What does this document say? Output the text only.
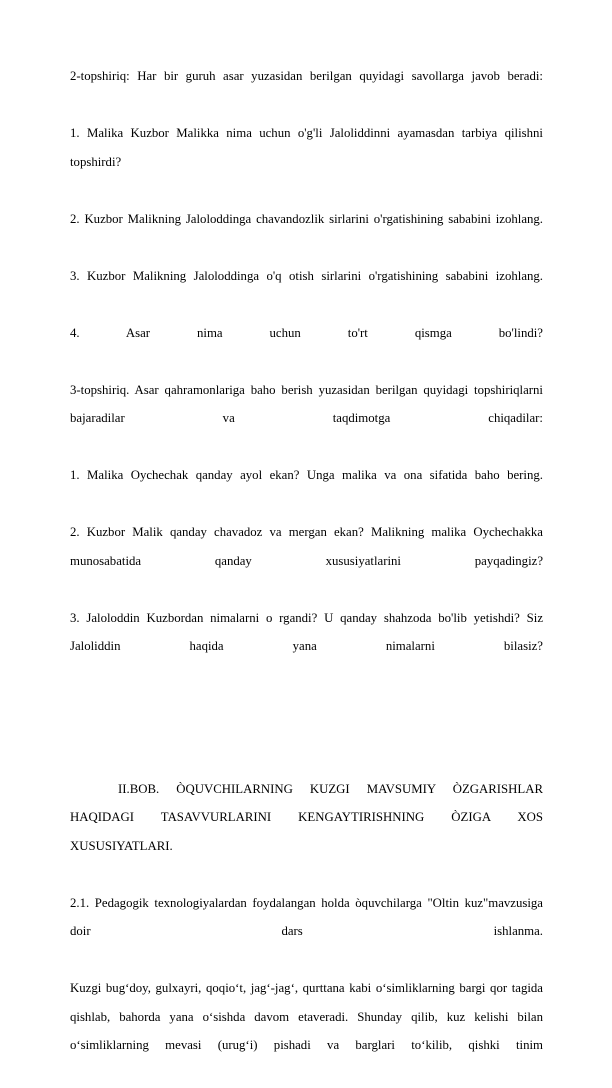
2-topshiriq: Har bir guruh asar yuzasidan berilgan quyidagi savollarga javob beradi:

1. Malika Kuzbor Malikka nima uchun o'g'li Jaloliddinni ayamasdan tarbiya qilishni topshirdi?

2. Kuzbor Malikning Jaloloddinga chavandozlik sirlarini o'rgatishining sababini izohlang.

3. Kuzbor Malikning Jaloloddinga o'q otish sirlarini o'rgatishining sababini izohlang.

4. Asar nima uchun to'rt qismga bo'lindi?

3-topshiriq. Asar qahramonlariga baho berish yuzasidan berilgan quyidagi topshiriqlarni bajaradilar va taqdimotga chiqadilar:

1. Malika Oychechak qanday ayol ekan? Unga malika va ona sifatida baho bering.

2. Kuzbor Malik qanday chavadoz va mergan ekan? Malikning malika Oychechakka munosabatida qanday xususiyatlarini payqadingiz?

3. Jaloloddin Kuzbordan nimalarni o rgandi? U qanday shahzoda bo'lib yetishdi? Siz Jaloliddin haqida yana nimalarni bilasiz?

II.BOB. ÒQUVCHILARNING KUZGI MAVSUMIY ÒZGARISHLAR HAQIDAGI TASAVVURLARINI KENGAYTIRISHNING ÒZIGA XOS XUSUSIYATLARI.

2.1. Pedagogik texnologiyalardan foydalangan holda òquvchilarga "Oltin kuz"mavzusiga doir dars ishlanma.

Kuzgi bugʻdoy, gulxayri, qoqioʻt, jagʻ-jagʻ, qurttana kabi oʻsimliklarning bargi qor tagida qishlab, bahorda yana oʻsishda davom etaveradi. Shunday qilib, kuz kelishi bilan oʻsimliklarning mevasi (urugʻi) pishadi va barglari toʻkilib, qishki tinim
